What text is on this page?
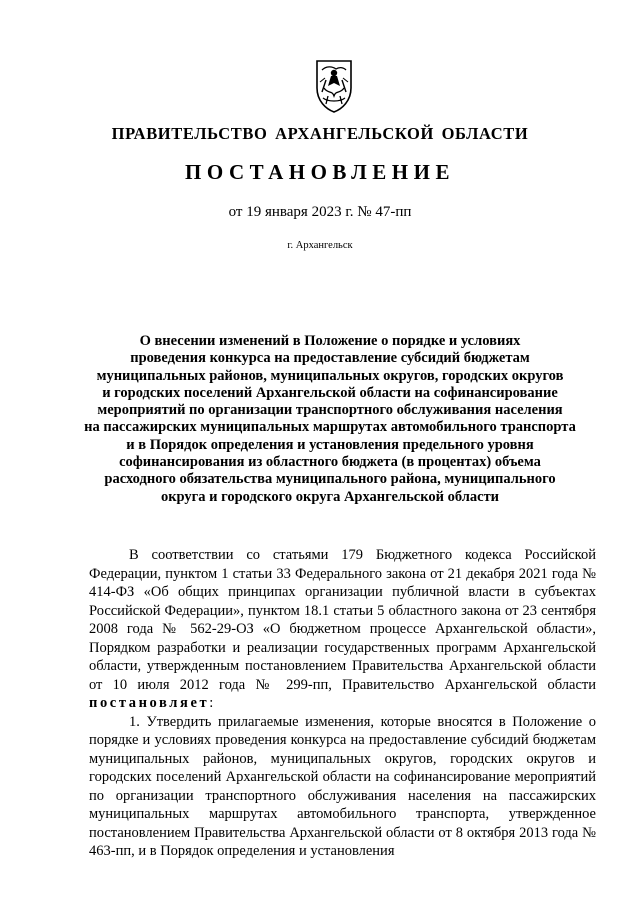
ПРАВИТЕЛЬСТВО АРХАНГЕЛЬСКОЙ ОБЛАСТИ
ПОСТАНОВЛЕНИЕ
от 19 января 2023 г. № 47-пп
г. Архангельск
О внесении изменений в Положение о порядке и условиях
проведения конкурса на предоставление субсидий бюджетам
муниципальных районов, муниципальных округов, городских округов
и городских поселений Архангельской области на софинансирование
мероприятий по организации транспортного обслуживания населения
на пассажирских муниципальных маршрутах автомобильного транспорта
и в Порядок определения и установления предельного уровня
софинансирования из областного бюджета (в процентах) объема
расходного обязательства муниципального района, муниципального
округа и городского округа Архангельской области

В соответствии со статьями 179 Бюджетного кодекса Российской Федерации, пунктом 1 статьи 33 Федерального закона от 21 декабря 2021 года № 414-ФЗ «Об общих принципах организации публичной власти в субъектах Российской Федерации», пунктом 18.1 статьи 5 областного закона от 23 сентября 2008 года № 562-29-ОЗ «О бюджетном процессе Архангельской области», Порядком разработки и реализации государственных программ Архангельской области, утвержденным постановлением Правительства Архангельской области от 10 июля 2012 года № 299-пп, Правительство Архангельской области постановляет:

1. Утвердить прилагаемые изменения, которые вносятся в Положение о порядке и условиях проведения конкурса на предоставление субсидий бюджетам муниципальных районов, муниципальных округов, городских округов и городских поселений Архангельской области на софинансирование мероприятий по организации транспортного обслуживания населения на пассажирских муниципальных маршрутах автомобильного транспорта, утвержденное постановлением Правительства Архангельской области от 8 октября 2013 года № 463-пп, и в Порядок определения и установления
